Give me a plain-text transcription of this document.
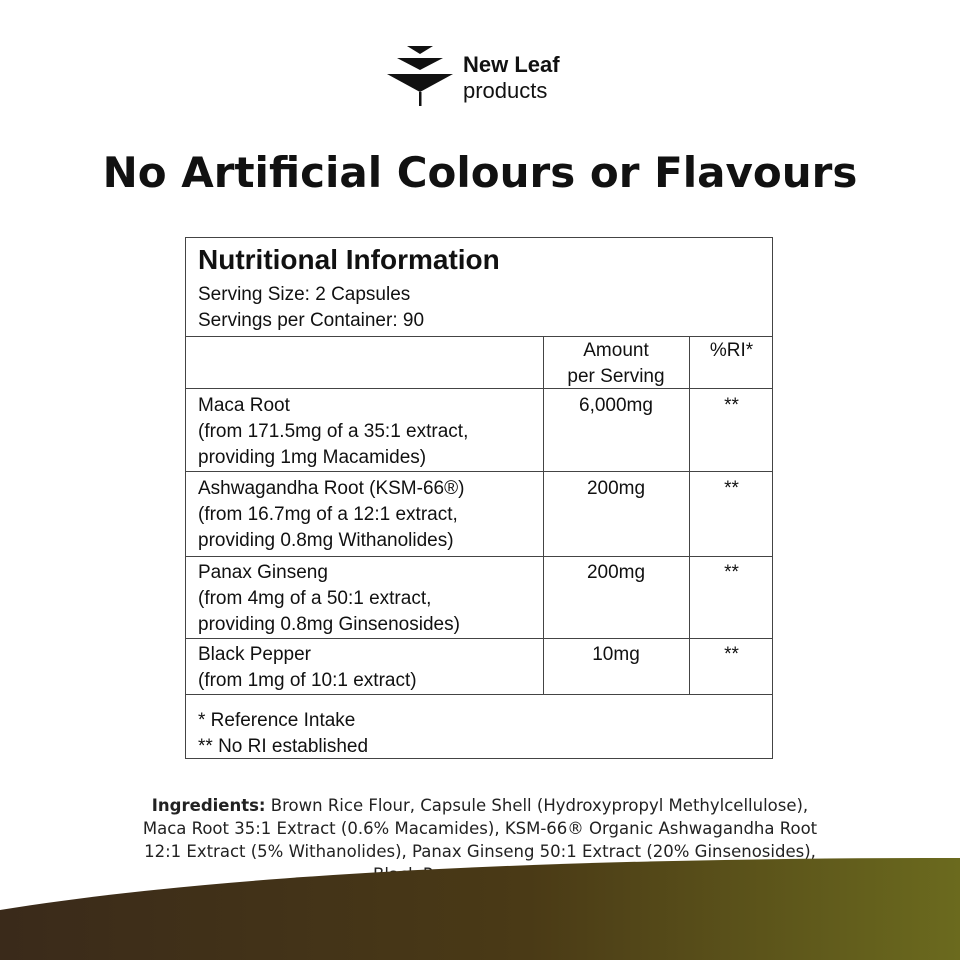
New Leaf
products
No Artificial Colours or Flavours
Nutritional Information
Serving Size: 2 Capsules
Servings per Container: 90
Amount
per Serving
%RI*
Maca Root
(from 171.5mg of a 35:1 extract,
providing 1mg Macamides)
6,000mg	**
Ashwagandha Root (KSM-66®)
(from 16.7mg of a 12:1 extract,
providing 0.8mg Withanolides)
200mg	**
Panax Ginseng
(from 4mg of a 50:1 extract,
providing 0.8mg Ginsenosides)
200mg	**
Black Pepper
(from 1mg of 10:1 extract)
10mg	**
* Reference Intake
** No RI established
Ingredients: Brown Rice Flour, Capsule Shell (Hydroxypropyl Methylcellulose),
Maca Root 35:1 Extract (0.6% Macamides), KSM-66® Organic Ashwagandha Root
12:1 Extract (5% Withanolides), Panax Ginseng 50:1 Extract (20% Ginsenosides),
